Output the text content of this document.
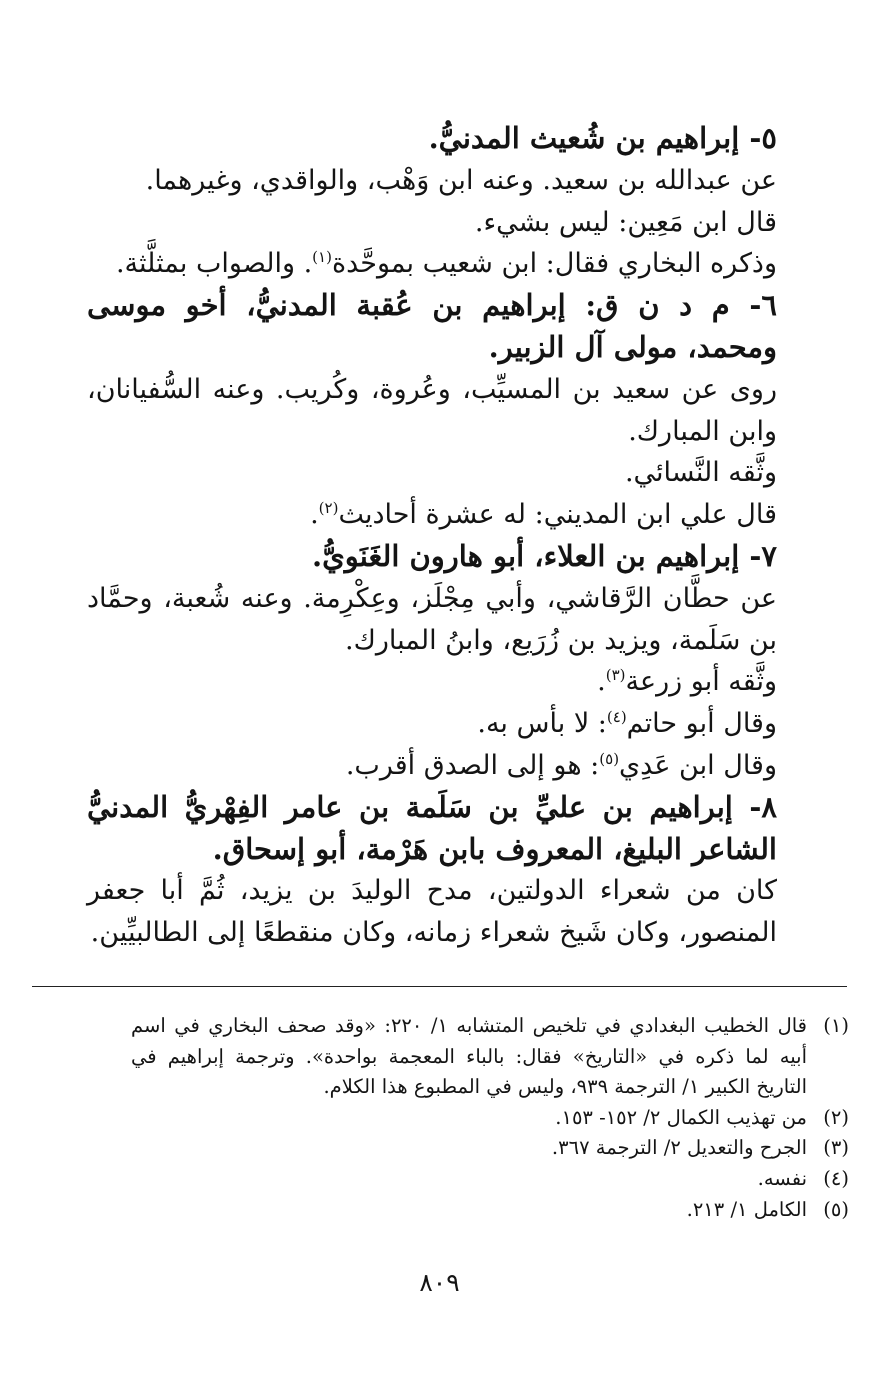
٥- إبراهيم بن شُعيث المدنيُّ.

عن عبدالله بن سعيد. وعنه ابن وَهْب، والواقدي، وغيرهما.

قال ابن مَعِين: ليس بشيء.

وذكره البخاري فقال: ابن شعيب بموحَّدة$^{(١)}$. والصواب بمثلَّثة.

٦- م د ن ق: إبراهيم بن عُقبة المدنيُّ، أخو موسى ومحمد، مولى آل الزبير.

روى عن سعيد بن المسيِّب، وعُروة، وكُريب. وعنه السُّفيانان، وابن المبارك.

وثَّقه النَّسائي.

قال علي ابن المديني: له عشرة أحاديث$^{(٢)}$.

٧- إبراهيم بن العلاء، أبو هارون الغَنَويُّ.

عن حطَّان الرَّقاشي، وأبي مِجْلَز، وعِكْرِمة. وعنه شُعبة، وحمَّاد بن سَلَمة، ويزيد بن زُرَيع، وابنُ المبارك.

وثَّقه أبو زرعة$^{(٣)}$.

وقال أبو حاتم$^{(٤)}$: لا بأس به.

وقال ابن عَدِي$^{(٥)}$: هو إلى الصدق أقرب.

٨- إبراهيم بن عليِّ بن سَلَمة بن عامر الفِهْريُّ المدنيُّ الشاعر البليغ، المعروف بابن هَرْمة، أبو إسحاق.

كان من شعراء الدولتين، مدح الوليدَ بن يزيد، ثُمَّ أبا جعفر المنصور، وكان شَيخ شعراء زمانه، وكان منقطعًا إلى الطالبيِّين.

(١)
قال الخطيب البغدادي في تلخيص المتشابه ١/ ٢٢٠: «وقد صحف البخاري في اسم أبيه لما ذكره في «التاريخ» فقال: بالباء المعجمة بواحدة». وترجمة إبراهيم في التاريخ الكبير ١/ الترجمة ٩٣٩، وليس في المطبوع هذا الكلام.
(٢)
من تهذيب الكمال ٢/ ١٥٢- ١٥٣.
(٣)
الجرح والتعديل ٢/ الترجمة ٣٦٧.
(٤)
نفسه.
(٥)
الكامل ١/ ٢١٣.
٨٠٩
